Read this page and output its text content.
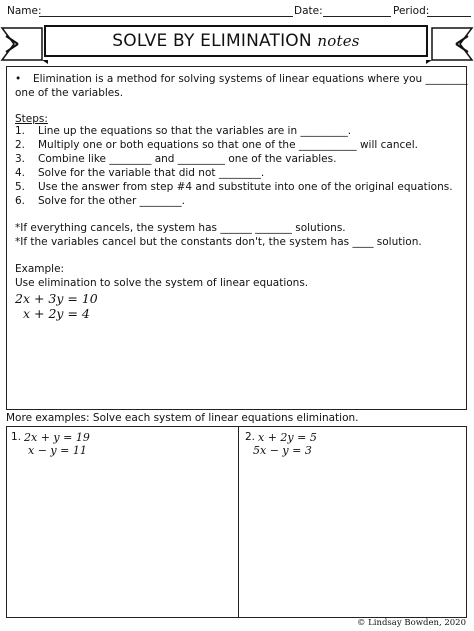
Name:	Date:	Period:
SOLVE BY ELIMINATION notes
• Elimination is a method for solving systems of linear equations where you ________
one of the variables.
Steps:
1. Line up the equations so that the variables are in _________.
2. Multiply one or both equations so that one of the ___________ will cancel.
3. Combine like ________ and _________ one of the variables.
4. Solve for the variable that did not ________.
5. Use the answer from step #4 and substitute into one of the original equations.
6. Solve for the other ________.
*If everything cancels, the system has ______ _______ solutions.
*If the variables cancel but the constants don't, the system has ____ solution.
Example:
Use elimination to solve the system of linear equations.
2x + 3y = 10
x + 2y = 4
More examples: Solve each system of linear equations elimination.
1. 2x + y = 19
x − y = 11
2. x + 2y = 5
5x − y = 3
© Lindsay Bowden, 2020
